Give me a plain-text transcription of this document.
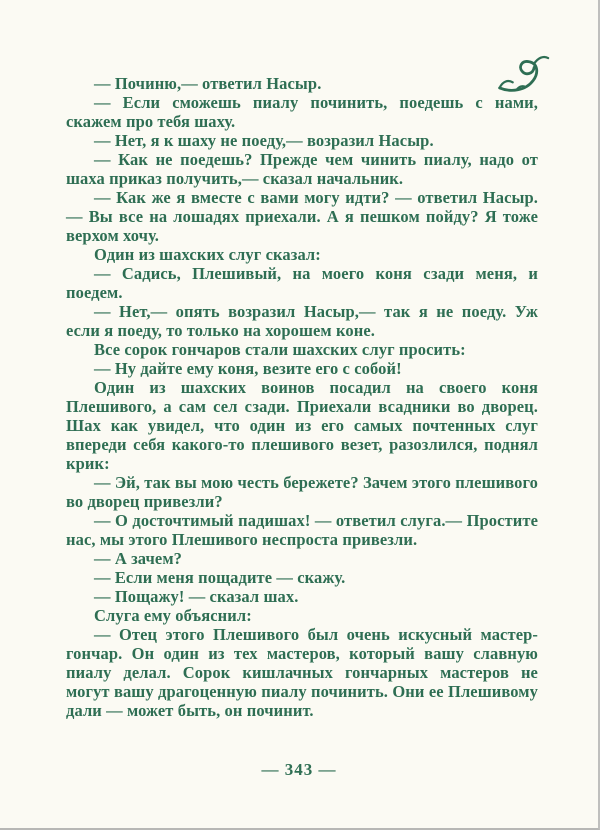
— Починю,— ответил Насыр.

— Если сможешь пиалу починить, поедешь с нами, скажем про тебя шаху.

— Нет, я к шаху не поеду,— возразил Насыр.

— Как не поедешь? Прежде чем чинить пиалу, надо от шаха приказ получить,— сказал начальник.

— Как же я вместе с вами могу идти? — ответил Насыр.— Вы все на лошадях приехали. А я пешком пойду? Я тоже верхом хочу.

Один из шахских слуг сказал:

— Садись, Плешивый, на моего коня сзади меня, и поедем.

— Нет,— опять возразил Насыр,— так я не поеду. Уж если я поеду, то только на хорошем коне.

Все сорок гончаров стали шахских слуг просить:

— Ну дайте ему коня, везите его с собой!

Один из шахских воинов посадил на своего коня Плешивого, а сам сел сзади. Приехали всадники во дворец. Шах как увидел, что один из его самых почтенных слуг впереди себя какого-то плешивого везет, разозлился, поднял крик:

— Эй, так вы мою честь бережете? Зачем этого плешивого во дворец привезли?

— О досточтимый падишах! — ответил слуга.— Простите нас, мы этого Плешивого неспроста привезли.

— А зачем?

— Если меня пощадите — скажу.

— Пощажу! — сказал шах.

Слуга ему объяснил:

— Отец этого Плешивого был очень искусный мастер-гончар. Он один из тех мастеров, который вашу славную пиалу делал. Сорок кишлачных гончарных мастеров не могут вашу драгоценную пиалу починить. Они ее Плешивому дали — может быть, он починит.

— 343 —
